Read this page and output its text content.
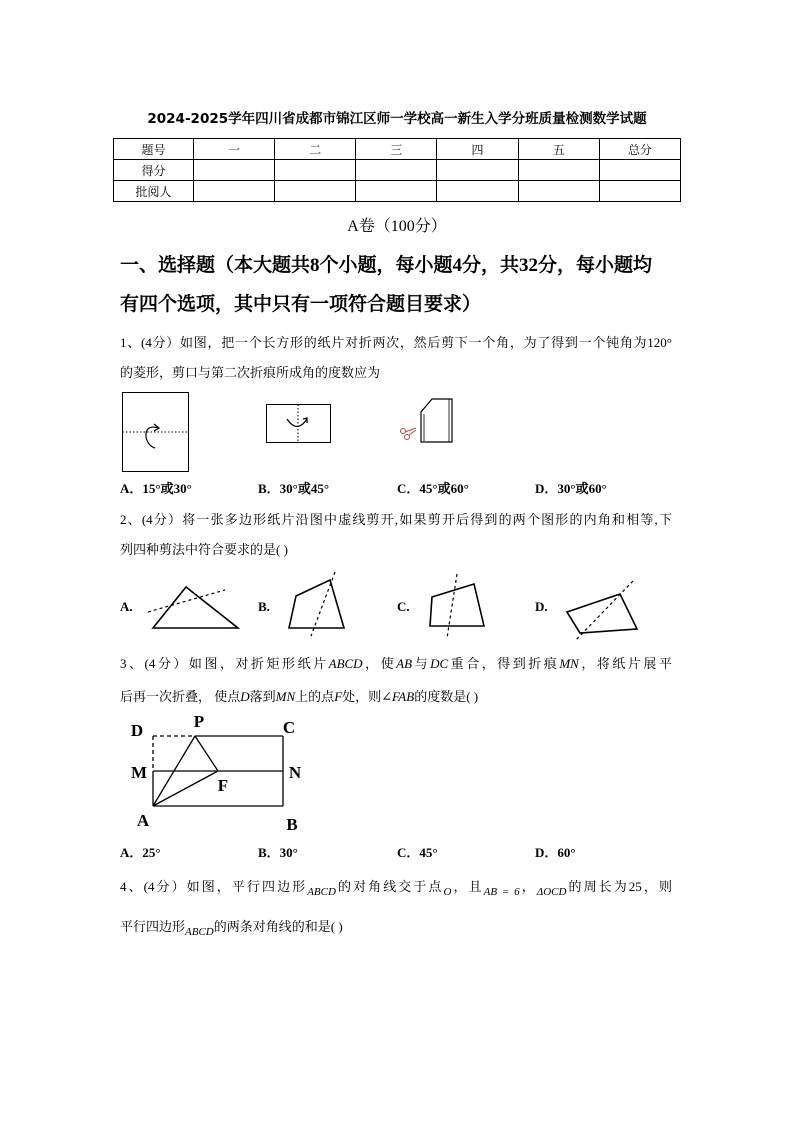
2024-2025学年四川省成都市锦江区师一学校高一新生入学分班质量检测数学试题
题号	一	二	三	四	五	总分
得分						
批阅人						
A卷（100分）
一、选择题（本大题共8个小题，每小题4分，共32分，每小题均
有四个选项，其中只有一项符合题目要求）
1、(4分）如图，把一个长方形的纸片对折两次，然后剪下一个角，为了得到一个钝角为120°
的菱形，剪口与第二次折痕所成角的度数应为
A．15°或30°	B．30°或45°	C．45°或60°	D．30°或60°
2、(4分）将一张多边形纸片沿图中虚线剪开,如果剪开后得到的两个图形的内角和相等,下
列四种剪法中符合要求的是( )
A.	B.	C.	D.
3、(4分）如图，对折矩形纸片ABCD，使AB与DC重合，得到折痕MN，将纸片展平
后再一次折叠， 使点D落到MN上的点F处，则∠FAB的度数是( )
D	P	C
M	N
F
A	B
A．25°	B．30°	C．45°	D．60°
4、(4分）如图，平行四边形$_{ABCD}$的对角线交于点$_O$，且$_{AB = 6}$，$_{\Delta OCD}$的周长为25，则
平行四边形$_{ABCD}$的两条对角线的和是( )
